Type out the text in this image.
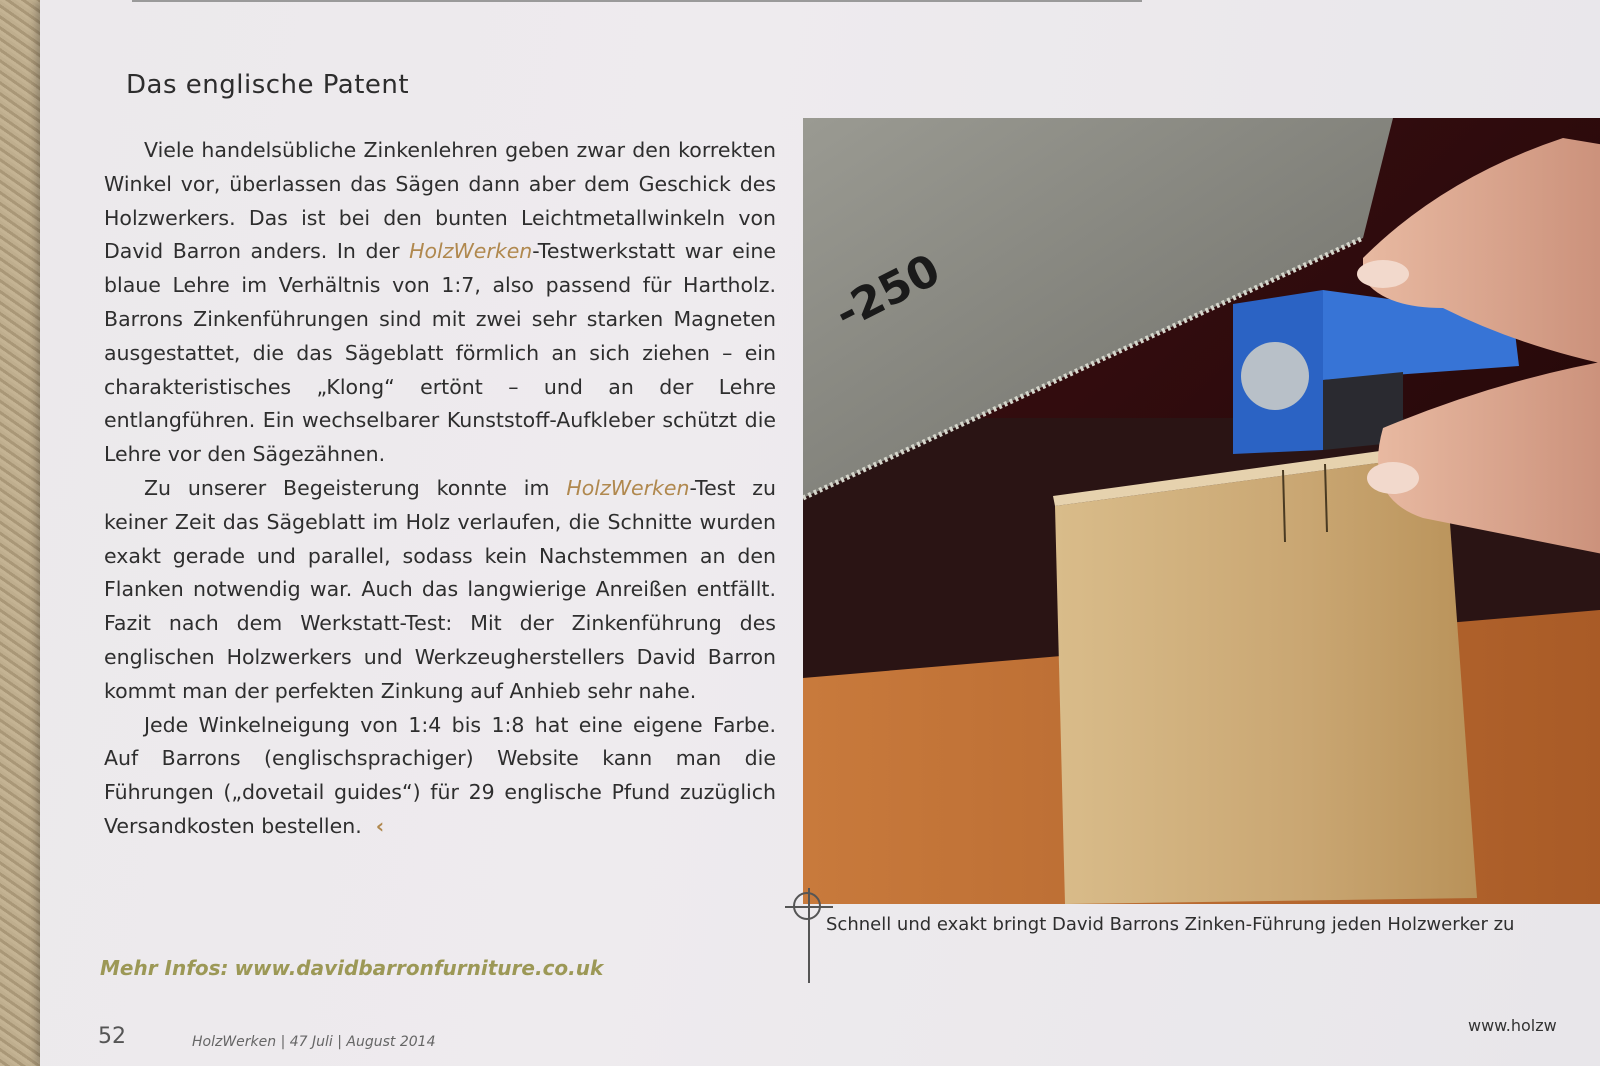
Das englische Patent

Viele handelsübliche Zinkenlehren geben zwar den korrekten Winkel vor, überlassen das Sägen dann aber dem Geschick des Holzwerkers. Das ist bei den bunten Leichtmetallwinkeln von David Barron anders. In der HolzWerken-Testwerkstatt war eine blaue Lehre im Verhältnis von 1:7, also passend für Hartholz. Barrons Zinkenführungen sind mit zwei sehr starken Magneten ausgestattet, die das Sägeblatt förmlich an sich ziehen – ein charakteristisches „Klong“ ertönt – und an der Lehre entlangführen. Ein wechselbarer Kunststoff-Aufkleber schützt die Lehre vor den Sägezähnen.

Zu unserer Begeisterung konnte im HolzWerken-Test zu keiner Zeit das Sägeblatt im Holz verlaufen, die Schnitte wurden exakt gerade und parallel, sodass kein Nachstemmen an den Flanken notwendig war. Auch das langwierige Anreißen entfällt. Fazit nach dem Werkstatt-Test: Mit der Zinkenführung des englischen Holzwerkers und Werkzeugherstellers David Barron kommt man der perfekten Zinkung auf Anhieb sehr nahe.

Jede Winkelneigung von 1:4 bis 1:8 hat eine eigene Farbe. Auf Barrons (englischsprachiger) Website kann man die Führungen („dovetail guides“) für 29 englische Pfund zuzüglich Versandkosten bestellen. ‹

Mehr Infos: www.davidbarronfurniture.co.uk
-250
Schnell und exakt bringt David Barrons Zinken-Führung jeden Holzwerker zu
52	HolzWerken | 47 Juli | August 2014
www.holzw
